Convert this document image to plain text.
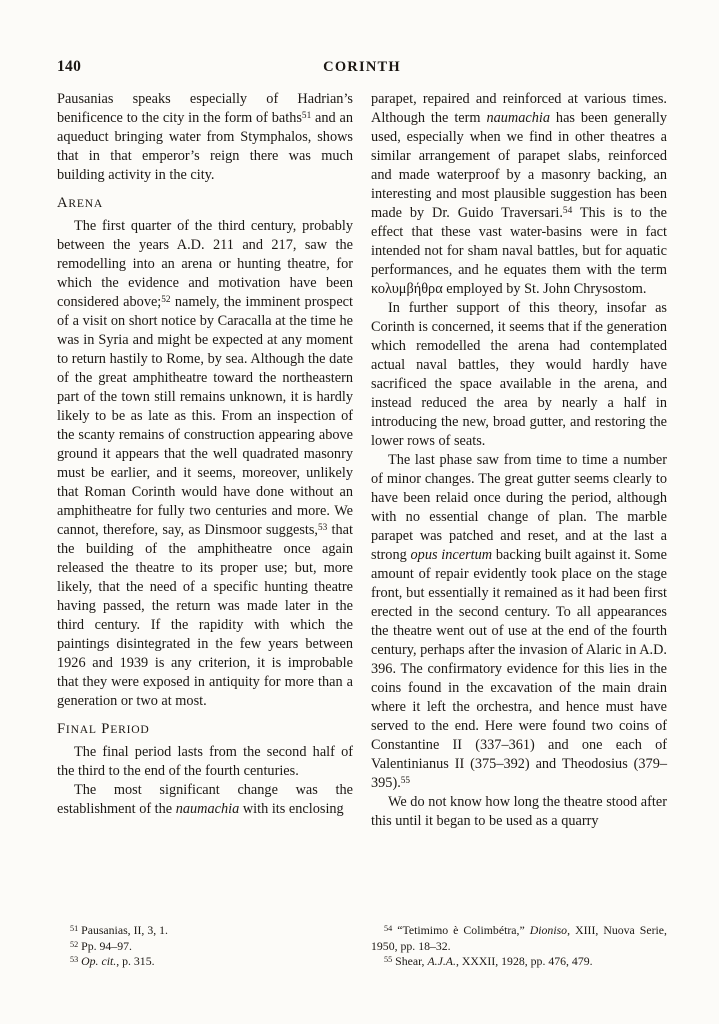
140	CORINTH

Pausanias speaks especially of Hadrian’s benificence to the city in the form of baths$^{51}$ and an aqueduct bringing water from Stymphalos, shows that in that emperor’s reign there was much building activity in the city.

ARENA

The first quarter of the third century, probably between the years A.D. 211 and 217, saw the remodelling into an arena or hunting theatre, for which the evidence and motivation have been considered above;$^{52}$ namely, the imminent prospect of a visit on short notice by Caracalla at the time he was in Syria and might be expected at any moment to return hastily to Rome, by sea. Although the date of the great amphitheatre toward the northeastern part of the town still remains unknown, it is hardly likely to be as late as this. From an inspection of the scanty remains of construction appearing above ground it appears that the well quadrated masonry must be earlier, and it seems, moreover, unlikely that Roman Corinth would have done without an amphitheatre for fully two centuries and more. We cannot, therefore, say, as Dinsmoor suggests,$^{53}$ that the building of the amphitheatre once again released the theatre to its proper use; but, more likely, that the need of a specific hunting theatre having passed, the return was made later in the third century. If the rapidity with which the paintings disintegrated in the few years between 1926 and 1939 is any criterion, it is improbable that they were exposed in antiquity for more than a generation or two at most.

FINAL PERIOD

The final period lasts from the second half of the third to the end of the fourth centuries.

The most significant change was the establishment of the naumachia with its enclosing

parapet, repaired and reinforced at various times. Although the term naumachia has been generally used, especially when we find in other theatres a similar arrangement of parapet slabs, reinforced and made waterproof by a masonry backing, an interesting and most plausible suggestion has been made by Dr. Guido Traversari.$^{54}$ This is to the effect that these vast water-basins were in fact intended not for sham naval battles, but for aquatic performances, and he equates them with the term κολυμβήθρα employed by St. John Chrysostom.

In further support of this theory, insofar as Corinth is concerned, it seems that if the generation which remodelled the arena had contemplated actual naval battles, they would hardly have sacrificed the space available in the arena, and instead reduced the area by nearly a half in introducing the new, broad gutter, and restoring the lower rows of seats.

The last phase saw from time to time a number of minor changes. The great gutter seems clearly to have been relaid once during the period, although with no essential change of plan. The marble parapet was patched and reset, and at the last a strong opus incertum backing built against it. Some amount of repair evidently took place on the stage front, but essentially it remained as it had been first erected in the second century. To all appearances the theatre went out of use at the end of the fourth century, perhaps after the invasion of Alaric in A.D. 396. The confirmatory evidence for this lies in the coins found in the excavation of the main drain where it left the orchestra, and hence must have served to the end. Here were found two coins of Constantine II (337–361) and one each of Valentinianus II (375–392) and Theodosius (379–395).$^{55}$

We do not know how long the theatre stood after this until it began to be used as a quarry

$^{51}$ Pausanias, II, 3, 1.

$^{52}$ Pp. 94–97.

$^{53}$ Op. cit., p. 315.

$^{54}$ “Tetimimo è Colimbétra,” Dioniso, XIII, Nuova Serie, 1950, pp. 18–32.

$^{55}$ Shear, A.J.A., XXXII, 1928, pp. 476, 479.
